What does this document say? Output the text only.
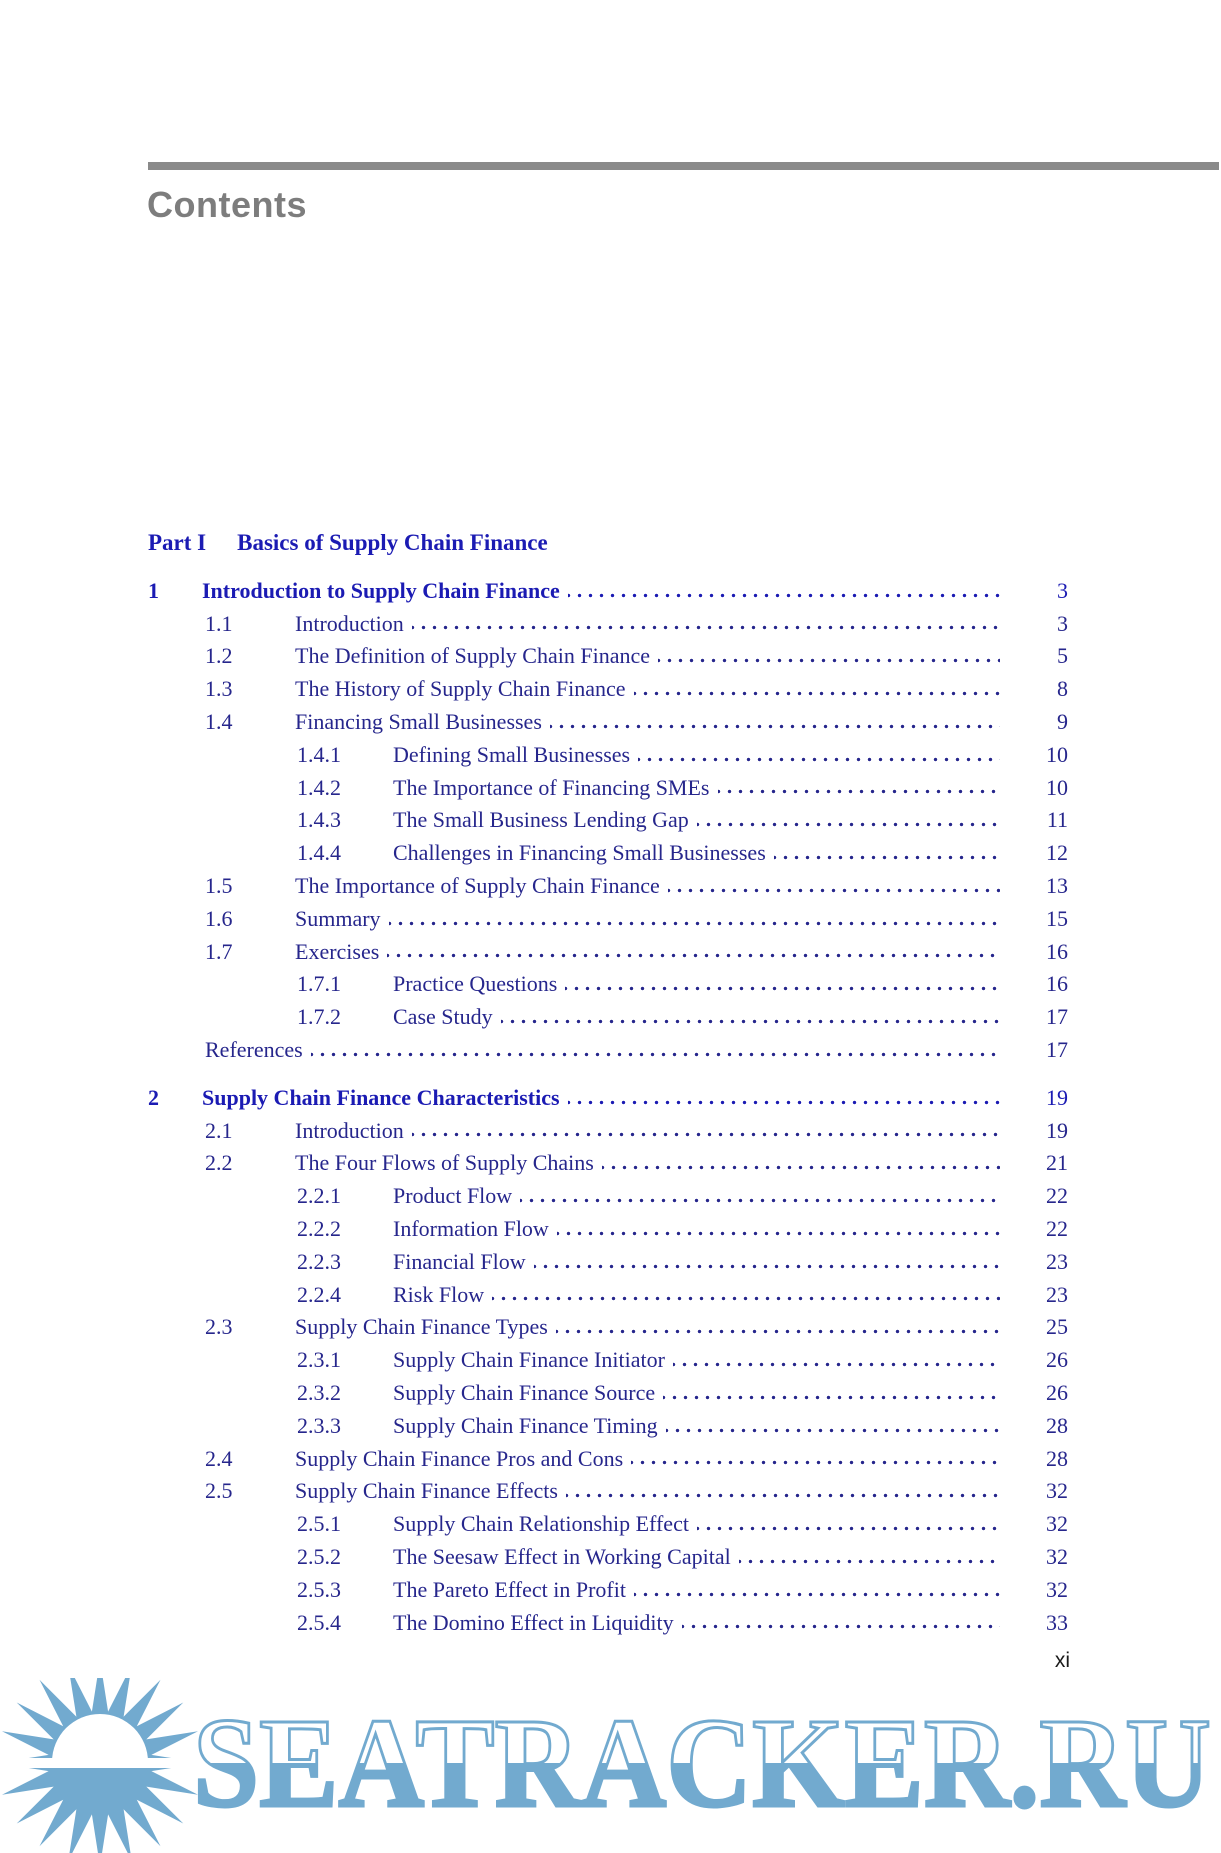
Contents
Part I Basics of Supply Chain Finance
1	Introduction to Supply Chain Finance	3
1.1	Introduction	3
1.2	The Definition of Supply Chain Finance	5
1.3	The History of Supply Chain Finance	8
1.4	Financing Small Businesses	9
1.4.1	Defining Small Businesses	10
1.4.2	The Importance of Financing SMEs	10
1.4.3	The Small Business Lending Gap	11
1.4.4	Challenges in Financing Small Businesses	12
1.5	The Importance of Supply Chain Finance	13
1.6	Summary	15
1.7	Exercises	16
1.7.1	Practice Questions	16
1.7.2	Case Study	17
References	17
2	Supply Chain Finance Characteristics	19
2.1	Introduction	19
2.2	The Four Flows of Supply Chains	21
2.2.1	Product Flow	22
2.2.2	Information Flow	22
2.2.3	Financial Flow	23
2.2.4	Risk Flow	23
2.3	Supply Chain Finance Types	25
2.3.1	Supply Chain Finance Initiator	26
2.3.2	Supply Chain Finance Source	26
2.3.3	Supply Chain Finance Timing	28
2.4	Supply Chain Finance Pros and Cons	28
2.5	Supply Chain Finance Effects	32
2.5.1	Supply Chain Relationship Effect	32
2.5.2	The Seesaw Effect in Working Capital	32
2.5.3	The Pareto Effect in Profit	32
2.5.4	The Domino Effect in Liquidity	33
xi
SEATRACKER.RU
